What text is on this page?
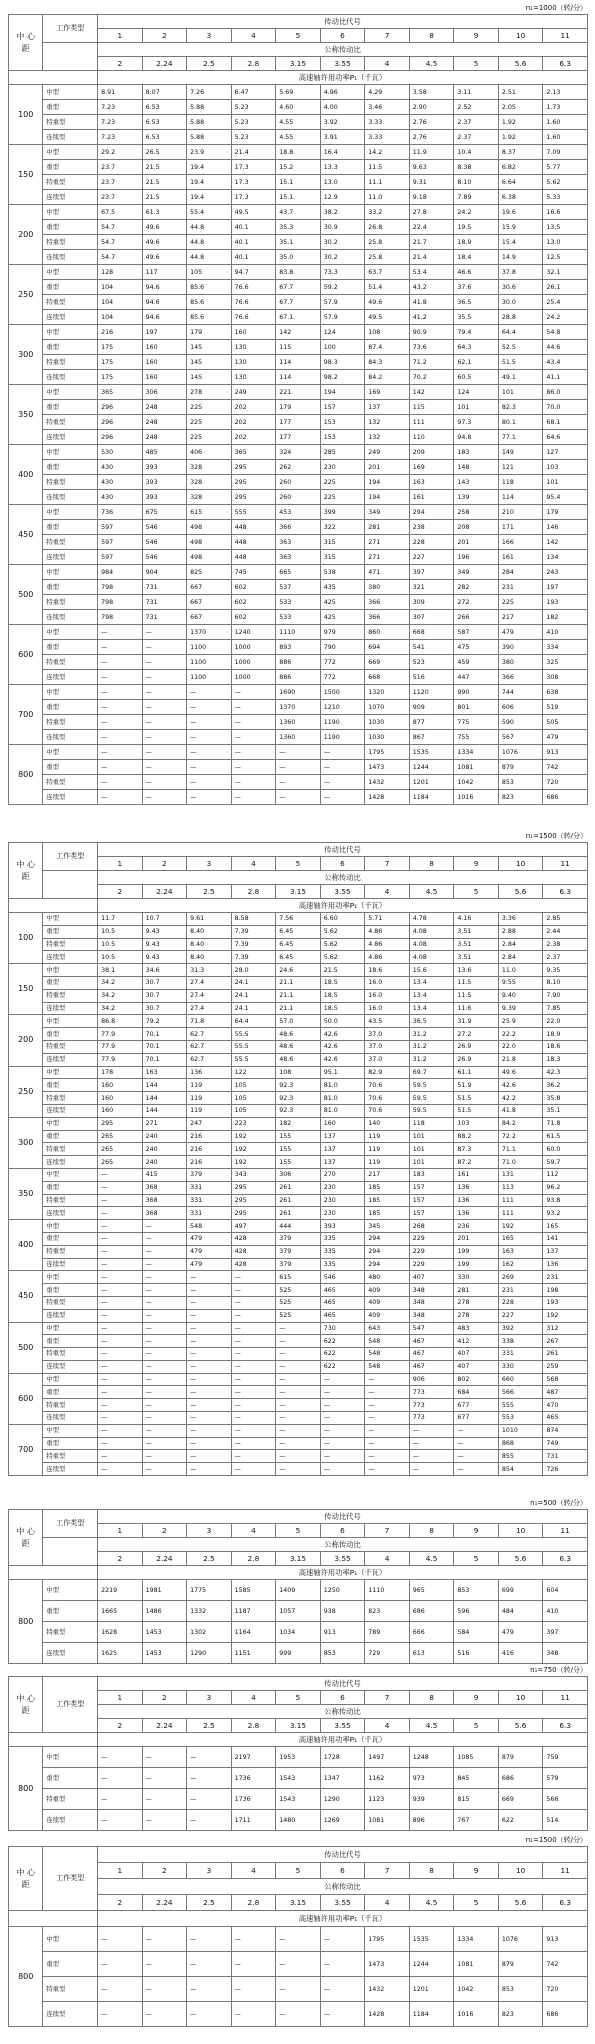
n₁=1000（转/分）
中 心 距	工作类型	传动比代号										
		1	2	3	4	5	6	7	8	9	10	11
		公称传动比										
		2	2.24	2.5	2.8	3.15	3.55	4	4.5	5	5.6	6.3
		高速轴许用功率P₁（千瓦）										
100	中型	8.91	8.07	7.26	6.47	5.69	4.96	4.29	3.58	3.11	2.51	2.13
	重型	7.23	6.53	5.88	5.23	4.60	4.00	3.46	2.90	2.52	2.05	1.73
	特重型	7.23	6.53	5.88	5.23	4.55	3.92	3.33	2.76	2.37	1.92	1.60
	连续型	7.23	6.53	5.88	5.23	4.55	3.91	3.33	2.76	2.37	1.92	1.60
150	中型	29.2	26.5	23.9	21.4	18.8	16.4	14.2	11.9	10.4	8.37	7.09
	重型	23.7	21.5	19.4	17.3	15.2	13.3	11.5	9.63	8.38	6.82	5.77
	特重型	23.7	21.5	19.4	17.3	15.1	13.0	11.1	9.31	8.10	6.64	5.62
	连续型	23.7	21.5	19.4	17.3	15.1	12.9	11.0	9.18	7.89	6.38	5.33
200	中型	67.5	61.3	55.4	49.5	43.7	38.2	33.2	27.8	24.2	19.6	16.6
	重型	54.7	49.6	44.8	40.1	35.3	30.9	26.8	22.4	19.5	15.9	13.5
	特重型	54.7	49.6	44.8	40.1	35.1	30.2	25.8	21.7	18.9	15.4	13.0
	连续型	54.7	49.6	44.8	40.1	35.0	30.2	25.8	21.4	18.4	14.9	12.5
250	中型	128	117	105	94.7	83.8	73.3	63.7	53.4	46.6	37.8	32.1
	重型	104	94.6	85.6	76.6	67.7	59.2	51.4	43.2	37.6	30.6	26.1
	特重型	104	94.6	85.6	76.6	67.7	57.9	49.6	41.8	36.5	30.0	25.4
	连续型	104	94.6	85.6	76.6	67.1	57.9	49.5	41.2	35.5	28.8	24.2
300	中型	216	197	179	160	142	124	108	90.9	79.4	64.4	54.8
	重型	175	160	145	130	115	100	87.4	73.6	64.3	52.5	44.6
	特重型	175	160	145	130	114	98.3	84.3	71.2	62.1	51.5	43.4
	连续型	175	160	145	130	114	98.2	84.2	70.2	60.5	49.1	41.1
350	中型	365	306	278	249	221	194	169	142	124	101	86.0
	重型	296	248	225	202	179	157	137	115	101	82.3	70.0
	特重型	296	248	225	202	177	153	132	111	97.3	80.1	68.1
	连续型	296	248	225	202	177	153	132	110	94.8	77.1	64.6
400	中型	530	485	406	365	324	285	249	209	183	149	127
	重型	430	393	328	295	262	230	201	169	148	121	103
	特重型	430	393	328	295	260	225	194	163	143	118	101
	连续型	430	393	328	295	260	225	194	161	139	114	95.4
450	中型	736	675	615	555	453	399	349	294	258	210	179
	重型	597	546	498	448	366	322	281	238	208	171	146
	特重型	597	546	498	448	363	315	271	228	201	166	142
	连续型	597	546	498	448	363	315	271	227	196	161	134
500	中型	984	904	825	745	665	538	471	397	349	284	243
	重型	798	731	667	602	537	435	380	321	282	231	197
	特重型	798	731	667	602	533	425	366	309	272	225	193
	连续型	798	731	667	602	533	425	366	307	266	217	182
600	中型	—	—	1370	1240	1110	979	860	668	587	479	410
	重型	—	—	1100	1000	893	790	694	541	475	390	334
	特重型	—	—	1100	1000	886	772	669	523	459	380	325
	连续型	—	—	1100	1000	886	772	668	516	447	366	308
700	中型	—	—	—	—	1690	1500	1320	1120	990	744	638
	重型	—	—	—	—	1370	1210	1070	909	801	606	519
	特重型	—	—	—	—	1360	1190	1030	877	775	590	505
	连续型	—	—	—	—	1360	1190	1030	867	755	567	479
800	中型	—	—	—	—	—	—	1795	1535	1334	1076	913
	重型	—	—	—	—	—	—	1473	1244	1081	879	742
	特重型	—	—	—	—	—	—	1432	1201	1042	853	720
	连续型	—	—	—	—	—	—	1428	1184	1016	823	686
n₁=1500（转/分）
中 心 距	工作类型	传动比代号										
		1	2	3	4	5	6	7	8	9	10	11
		公称传动比										
		2	2.24	2.5	2.8	3.15	3.55	4	4.5	5	5.6	6.3
		高速轴许用功率P₁（千瓦）										
100	中型	11.7	10.7	9.61	8.58	7.56	6.60	5.71	4.78	4.16	3.36	2.85
	重型	10.5	9.43	8.40	7.39	6.45	5.62	4.86	4.08	3.51	2.88	2.44
	特重型	10.5	9.43	8.40	7.39	6.45	5.62	4.86	4.08	3.51	2.84	2.38
	连续型	10.5	9.43	8.40	7.39	6.45	5.62	4.86	4.08	3.51	2.84	2.37
150	中型	38.1	34.6	31.3	28.0	24.6	21.5	18.6	15.6	13.6	11.0	9.35
	重型	34.2	30.7	27.4	24.1	21.1	18.5	16.0	13.4	11.5	9.55	8.10
	特重型	34.2	30.7	27.4	24.1	21.1	18.5	16.0	13.4	11.5	9.40	7.90
	连续型	34.2	30.7	27.4	24.1	21.1	18.5	16.0	13.4	11.6	9.39	7.85
200	中型	86.8	79.2	71.8	64.4	57.0	50.0	43.5	36.5	31.9	25.9	22.0
	重型	77.9	70.1	62.7	55.5	48.6	42.6	37.0	31.2	27.2	22.2	18.9
	特重型	77.9	70.1	62.7	55.5	48.6	42.6	37.0	31.2	26.9	22.0	18.6
	连续型	77.9	70.1	62.7	55.5	48.6	42.6	37.0	31.2	26.9	21.8	18.3
250	中型	178	163	136	122	108	95.1	82.9	69.7	61.1	49.6	42.3
	重型	160	144	119	105	92.3	81.0	70.6	59.5	51.9	42.6	36.2
	特重型	160	144	119	105	92.3	81.0	70.6	59.5	51.5	42.2	35.8
	连续型	160	144	119	105	92.3	81.0	70.6	59.5	51.5	41.8	35.1
300	中型	295	271	247	223	182	160	140	118	103	84.2	71.8
	重型	265	240	216	192	155	137	119	101	88.2	72.2	61.5
	特重型	265	240	216	192	155	137	119	101	87.3	71.1	60.0
	连续型	265	240	216	192	155	137	119	101	87.2	71.0	59.7
350	中型	—	415	379	343	306	270	217	183	161	131	112
	重型	—	368	331	295	261	230	185	157	136	113	96.2
	特重型	—	368	331	295	261	230	185	157	136	111	93.8
	连续型	—	368	331	295	261	230	185	157	136	111	93.2
400	中型	—	—	548	497	444	393	345	268	236	192	165
	重型	—	—	479	428	379	335	294	229	201	165	141
	特重型	—	—	479	428	379	335	294	229	199	163	137
	连续型	—	—	479	428	379	335	294	229	199	162	136
450	中型	—	—	—	—	615	546	480	407	330	269	231
	重型	—	—	—	—	525	465	409	348	281	231	198
	特重型	—	—	—	—	525	465	409	348	278	228	193
	连续型	—	—	—	—	525	465	409	348	278	227	192
500	中型	—	—	—	—	—	730	643	547	483	392	312
	重型	—	—	—	—	—	622	548	467	412	338	267
	特重型	—	—	—	—	—	622	548	467	407	331	261
	连续型	—	—	—	—	—	622	548	467	407	330	259
600	中型	—	—	—	—	—	—	—	906	802	660	568
	重型	—	—	—	—	—	—	—	773	684	566	487
	特重型	—	—	—	—	—	—	—	773	677	555	470
	连续型	—	—	—	—	—	—	—	773	677	553	465
700	中型	—	—	—	—	—	—	—	—	—	1010	874
	重型	—	—	—	—	—	—	—	—	—	868	749
	特重型	—	—	—	—	—	—	—	—	—	855	731
	连续型	—	—	—	—	—	—	—	—	—	854	726
n₁=500（转/分）
中 心 距	工作类型	传动比代号										
		1	2	3	4	5	6	7	8	9	10	11
		公称传动比										
		2	2.24	2.5	2.8	3.15	3.55	4	4.5	5	5.6	6.3
		高速轴许用功率P₁（千瓦）										
800	中型	2219	1981	1775	1585	1409	1250	1110	965	853	699	604
	重型	1665	1486	1332	1187	1057	938	823	686	596	484	410
	特重型	1628	1453	1302	1164	1034	913	789	666	584	479	397
	连续型	1625	1453	1290	1151	999	853	729	613	516	416	348
n₁=750（转/分）
中 心 距	工作类型	传动比代号										
		1	2	3	4	5	6	7	8	9	10	11
		公称传动比										
		2	2.24	2.5	2.8	3.15	3.55	4	4.5	5	5.6	6.3
		高速轴许用功率P₁（千瓦）										
800	中型	—	—	—	2197	1953	1728	1497	1248	1085	879	759
	重型	—	—	—	1736	1543	1347	1162	973	845	686	579
	特重型	—	—	—	1736	1543	1290	1123	939	815	669	566
	连续型	—	—	—	1711	1480	1269	1081	896	767	622	514
n₁=1500（转/分）
中 心 距	工作类型	传动比代号										
		1	2	3	4	5	6	7	8	9	10	11
		公称传动比										
		2	2.24	2.5	2.8	3.15	3.55	4	4.5	5	5.6	6.3
		高速轴许用功率P₁（千瓦）										
800	中型	—	—	—	—	—	—	1795	1535	1334	1076	913
	重型	—	—	—	—	—	—	1473	1244	1081	879	742
	特重型	—	—	—	—	—	—	1432	1201	1042	853	720
	连续型	—	—	—	—	—	—	1428	1184	1016	823	686
